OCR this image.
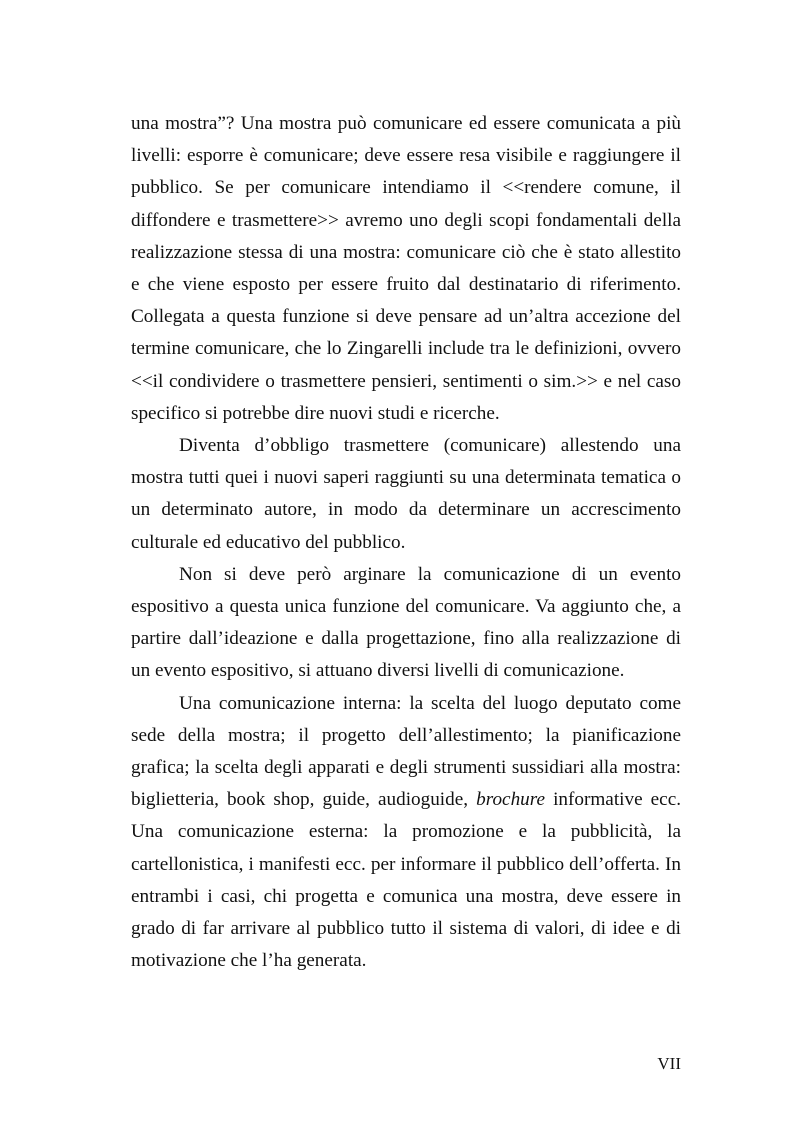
una mostra”? Una mostra può comunicare ed essere comunicata a più livelli: esporre è comunicare; deve essere resa visibile e raggiungere il pubblico. Se per comunicare intendiamo il <<rendere comune, il diffondere e trasmettere>> avremo uno degli scopi fondamentali della realizzazione stessa di una mostra: comunicare ciò che è stato allestito e che viene esposto per essere fruito dal destinatario di riferimento. Collegata a questa funzione si deve pensare ad un’altra accezione del termine comunicare, che lo Zingarelli include tra le definizioni, ovvero <<il condividere o trasmettere pensieri, sentimenti o sim.>> e nel caso specifico si potrebbe dire nuovi studi e ricerche.

Diventa d’obbligo trasmettere (comunicare) allestendo una mostra tutti quei i nuovi saperi raggiunti su una determinata tematica o un determinato autore, in modo da determinare un accrescimento culturale ed educativo del pubblico.

Non si deve però arginare la comunicazione di un evento espositivo a questa unica funzione del comunicare. Va aggiunto che, a partire dall’ideazione e dalla progettazione, fino alla realizzazione di un evento espositivo, si attuano diversi livelli di comunicazione.

Una comunicazione interna: la scelta del luogo deputato come sede della mostra; il progetto dell’allestimento; la pianificazione grafica; la scelta degli apparati e degli strumenti sussidiari alla mostra: biglietteria, book shop, guide, audioguide, brochure informative ecc. Una comunicazione esterna: la promozione e la pubblicità, la cartellonistica, i manifesti ecc. per informare il pubblico dell’offerta. In entrambi i casi, chi progetta e comunica una mostra, deve essere in grado di far arrivare al pubblico tutto il sistema di valori, di idee e di motivazione che l’ha generata.

VII
